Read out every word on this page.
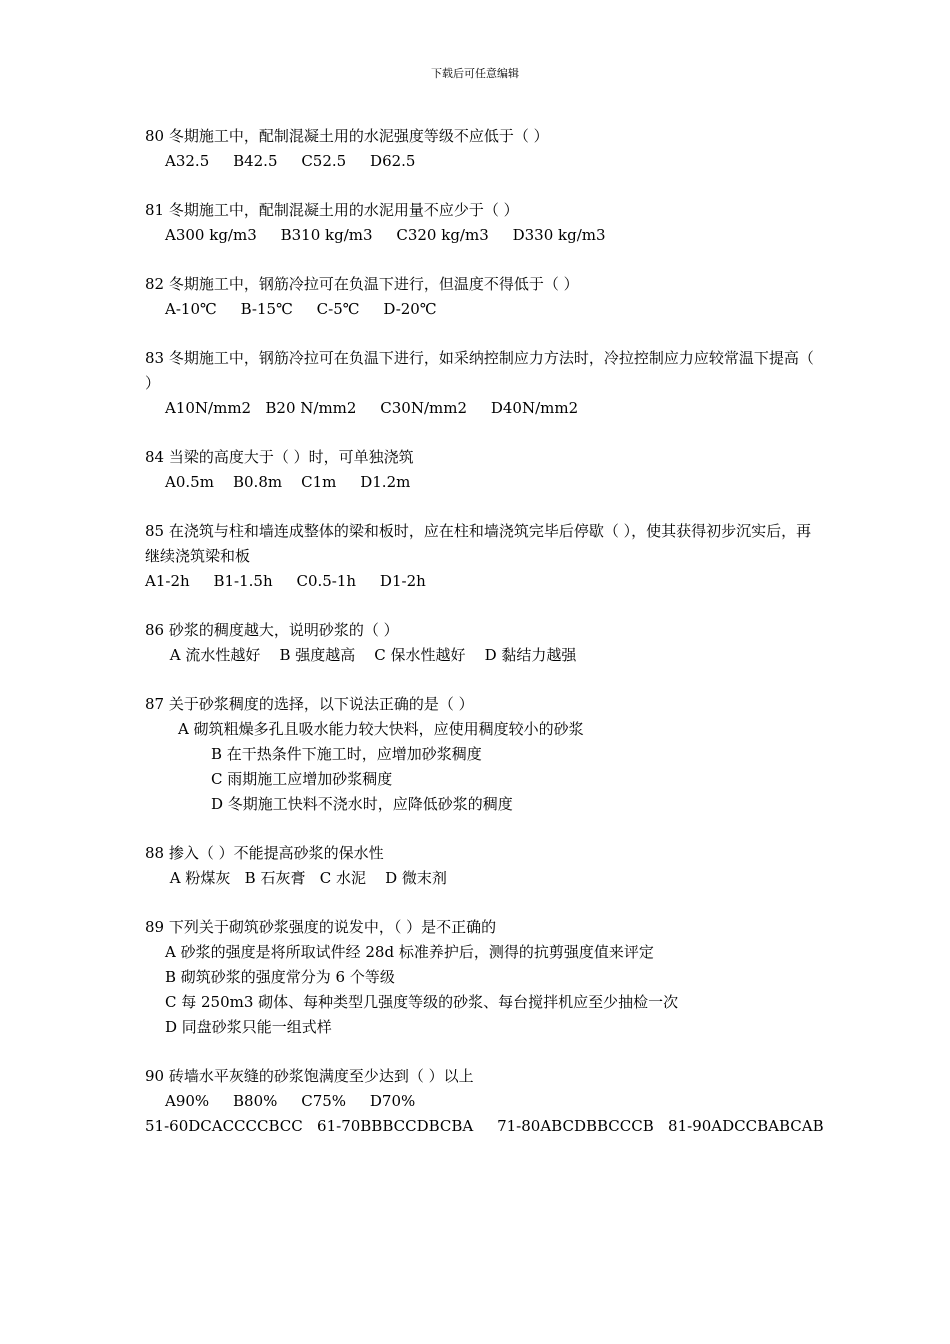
下载后可任意编辑
80 冬期施工中，配制混凝土用的水泥强度等级不应低于（ ）
A32.5     B42.5     C52.5     D62.5
81 冬期施工中，配制混凝土用的水泥用量不应少于（ ）
A300 kg/m3     B310 kg/m3     C320 kg/m3     D330 kg/m3
82 冬期施工中，钢筋冷拉可在负温下进行，但温度不得低于（ ）
A-10℃     B-15℃     C-5℃     D-20℃
83 冬期施工中，钢筋冷拉可在负温下进行，如采纳控制应力方法时，冷拉控制应力应较常温下提高（ ）
A10N/mm2   B20 N/mm2     C30N/mm2     D40N/mm2
84 当梁的高度大于（ ）时，可单独浇筑
A0.5m    B0.8m    C1m     D1.2m
85 在浇筑与柱和墙连成整体的梁和板时，应在柱和墙浇筑完毕后停歇（ ），使其获得初步沉实后，再继续浇筑梁和板
A1-2h     B1-1.5h     C0.5-1h     D1-2h
86 砂浆的稠度越大，说明砂浆的（ ）
A 流水性越好    B 强度越高    C 保水性越好    D 黏结力越强
87 关于砂浆稠度的选择，以下说法正确的是（ ）
A 砌筑粗燥多孔且吸水能力较大快料，应使用稠度较小的砂浆
B 在干热条件下施工时，应增加砂浆稠度
C 雨期施工应增加砂浆稠度
D 冬期施工快料不浇水时，应降低砂浆的稠度
88 掺入（ ）不能提高砂浆的保水性
A 粉煤灰   B 石灰膏   C 水泥    D 微末剂
89 下列关于砌筑砂浆强度的说发中，（ ）是不正确的
A 砂浆的强度是将所取试件经 28d 标准养护后，测得的抗剪强度值来评定
B 砌筑砂浆的强度常分为 6 个等级
C 每 250m3 砌体、每种类型几强度等级的砂浆、每台搅拌机应至少抽检一次
D 同盘砂浆只能一组式样
90 砖墙水平灰缝的砂浆饱满度至少达到（ ）以上
A90%     B80%     C75%     D70%
51-60DCACCCCBCC   61-70BBBCCDBCBA     71-80ABCDBBCCCB   81-90ADCCBABCAB
